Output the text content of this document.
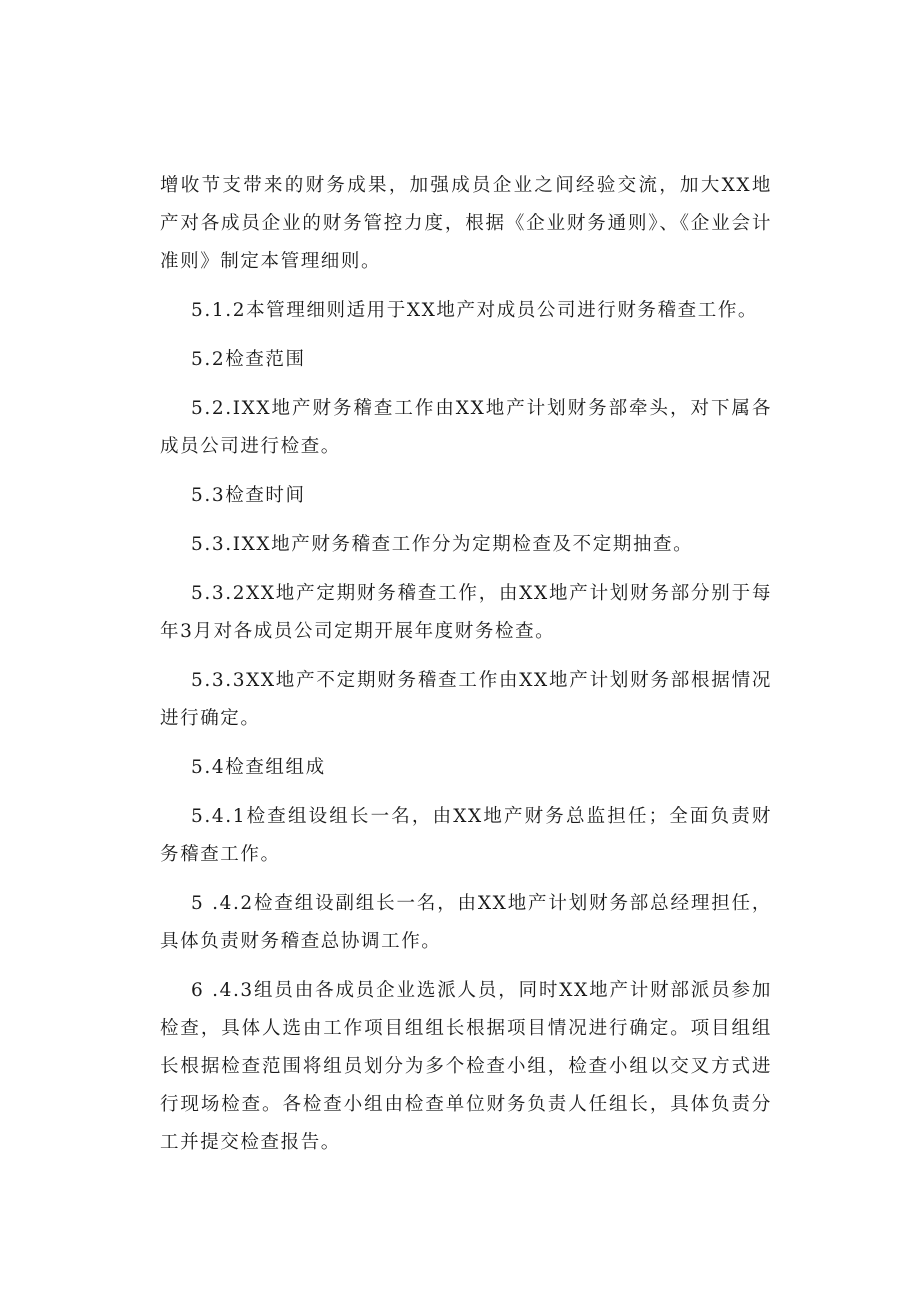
增收节支带来的财务成果，加强成员企业之间经验交流，加大XX地产对各成员企业的财务管控力度，根据《企业财务通则》、《企业会计准则》制定本管理细则。

5.1.2本管理细则适用于XX地产对成员公司进行财务稽查工作。

5.2检查范围

5.2.IXX地产财务稽查工作由XX地产计划财务部牵头，对下属各成员公司进行检查。

5.3检查时间

5.3.IXX地产财务稽查工作分为定期检查及不定期抽查。

5.3.2XX地产定期财务稽查工作，由XX地产计划财务部分别于每年3月对各成员公司定期开展年度财务检查。

5.3.3XX地产不定期财务稽查工作由XX地产计划财务部根据情况进行确定。

5.4检查组组成

5.4.1检查组设组长一名，由XX地产财务总监担任；全面负责财务稽查工作。

5 .4.2检查组设副组长一名，由XX地产计划财务部总经理担任，具体负责财务稽查总协调工作。

6 .4.3组员由各成员企业选派人员，同时XX地产计财部派员参加检查，具体人选由工作项目组组长根据项目情况进行确定。项目组组长根据检查范围将组员划分为多个检查小组，检查小组以交叉方式进行现场检查。各检查小组由检查单位财务负责人任组长，具体负责分工并提交检查报告。
